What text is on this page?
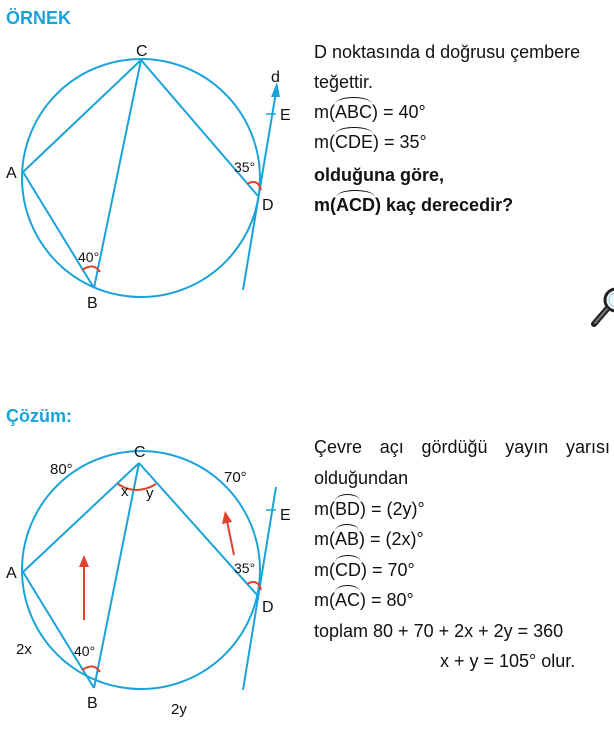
ÖRNEK
C
A
B
D
E
d
40°
35°
D noktasında d doğrusu çembere
teğettir.
m(ABC) = 40°
m(CDE) = 35°
olduğuna göre,
m(ACD) kaç derecedir?
Çözüm:
C
A
B
D
E
80°	70°
2x
2y
x y
40°
35°
Çevre açı gördüğü yayın yarısı
olduğundan
m(BD) = (2y)°
m(AB) = (2x)°
m(CD) = 70°
m(AC) = 80°
toplam 80 + 70 + 2x + 2y = 360
x + y = 105° olur.
